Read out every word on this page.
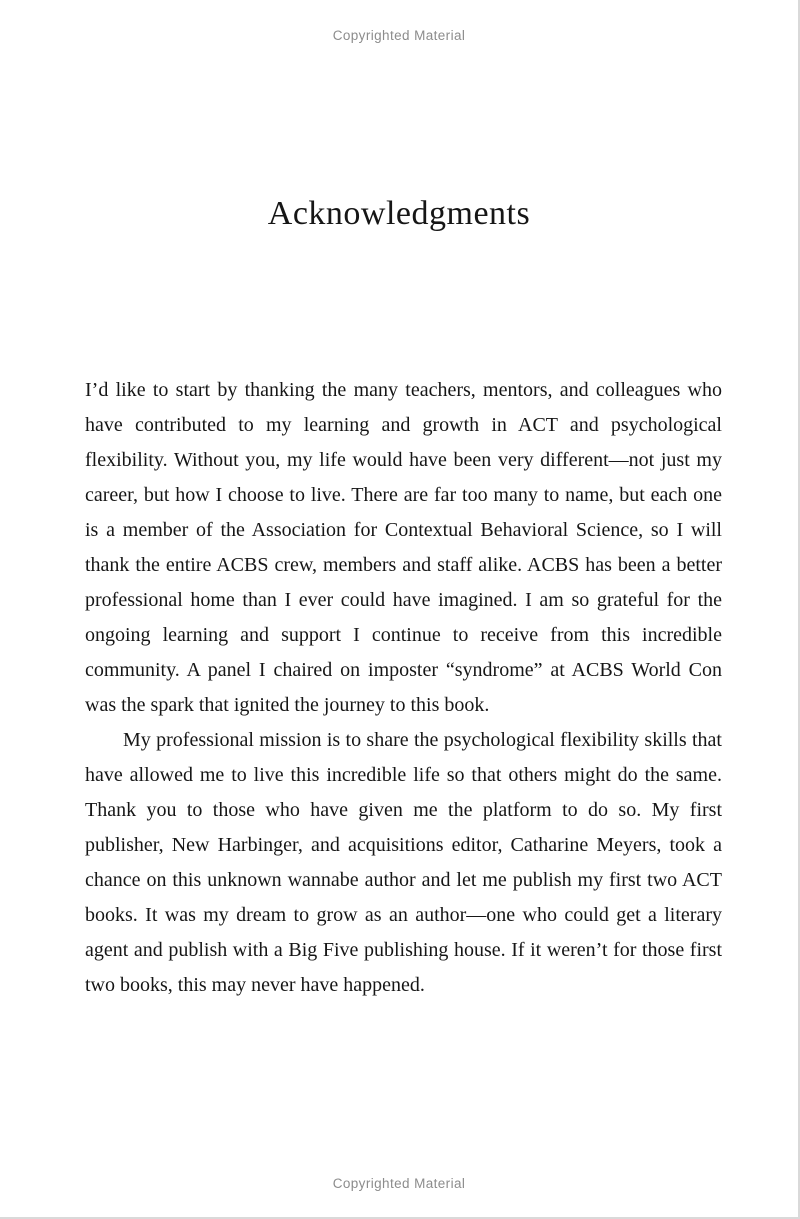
Copyrighted Material
Acknowledgments

I’d like to start by thanking the many teachers, mentors, and colleagues who have contributed to my learning and growth in ACT and psychological flexibility. Without you, my life would have been very different—not just my career, but how I choose to live. There are far too many to name, but each one is a member of the Association for Contextual Behavioral Science, so I will thank the entire ACBS crew, members and staff alike. ACBS has been a better professional home than I ever could have imagined. I am so grateful for the ongoing learning and support I continue to receive from this incredible community. A panel I chaired on imposter “syndrome” at ACBS World Con was the spark that ignited the journey to this book.

My professional mission is to share the psychological flexibility skills that have allowed me to live this incredible life so that others might do the same. Thank you to those who have given me the platform to do so. My first publisher, New Harbinger, and acquisitions editor, Catharine Meyers, took a chance on this unknown wannabe author and let me publish my first two ACT books. It was my dream to grow as an author—one who could get a literary agent and publish with a Big Five publishing house. If it weren’t for those first two books, this may never have happened.

Copyrighted Material
